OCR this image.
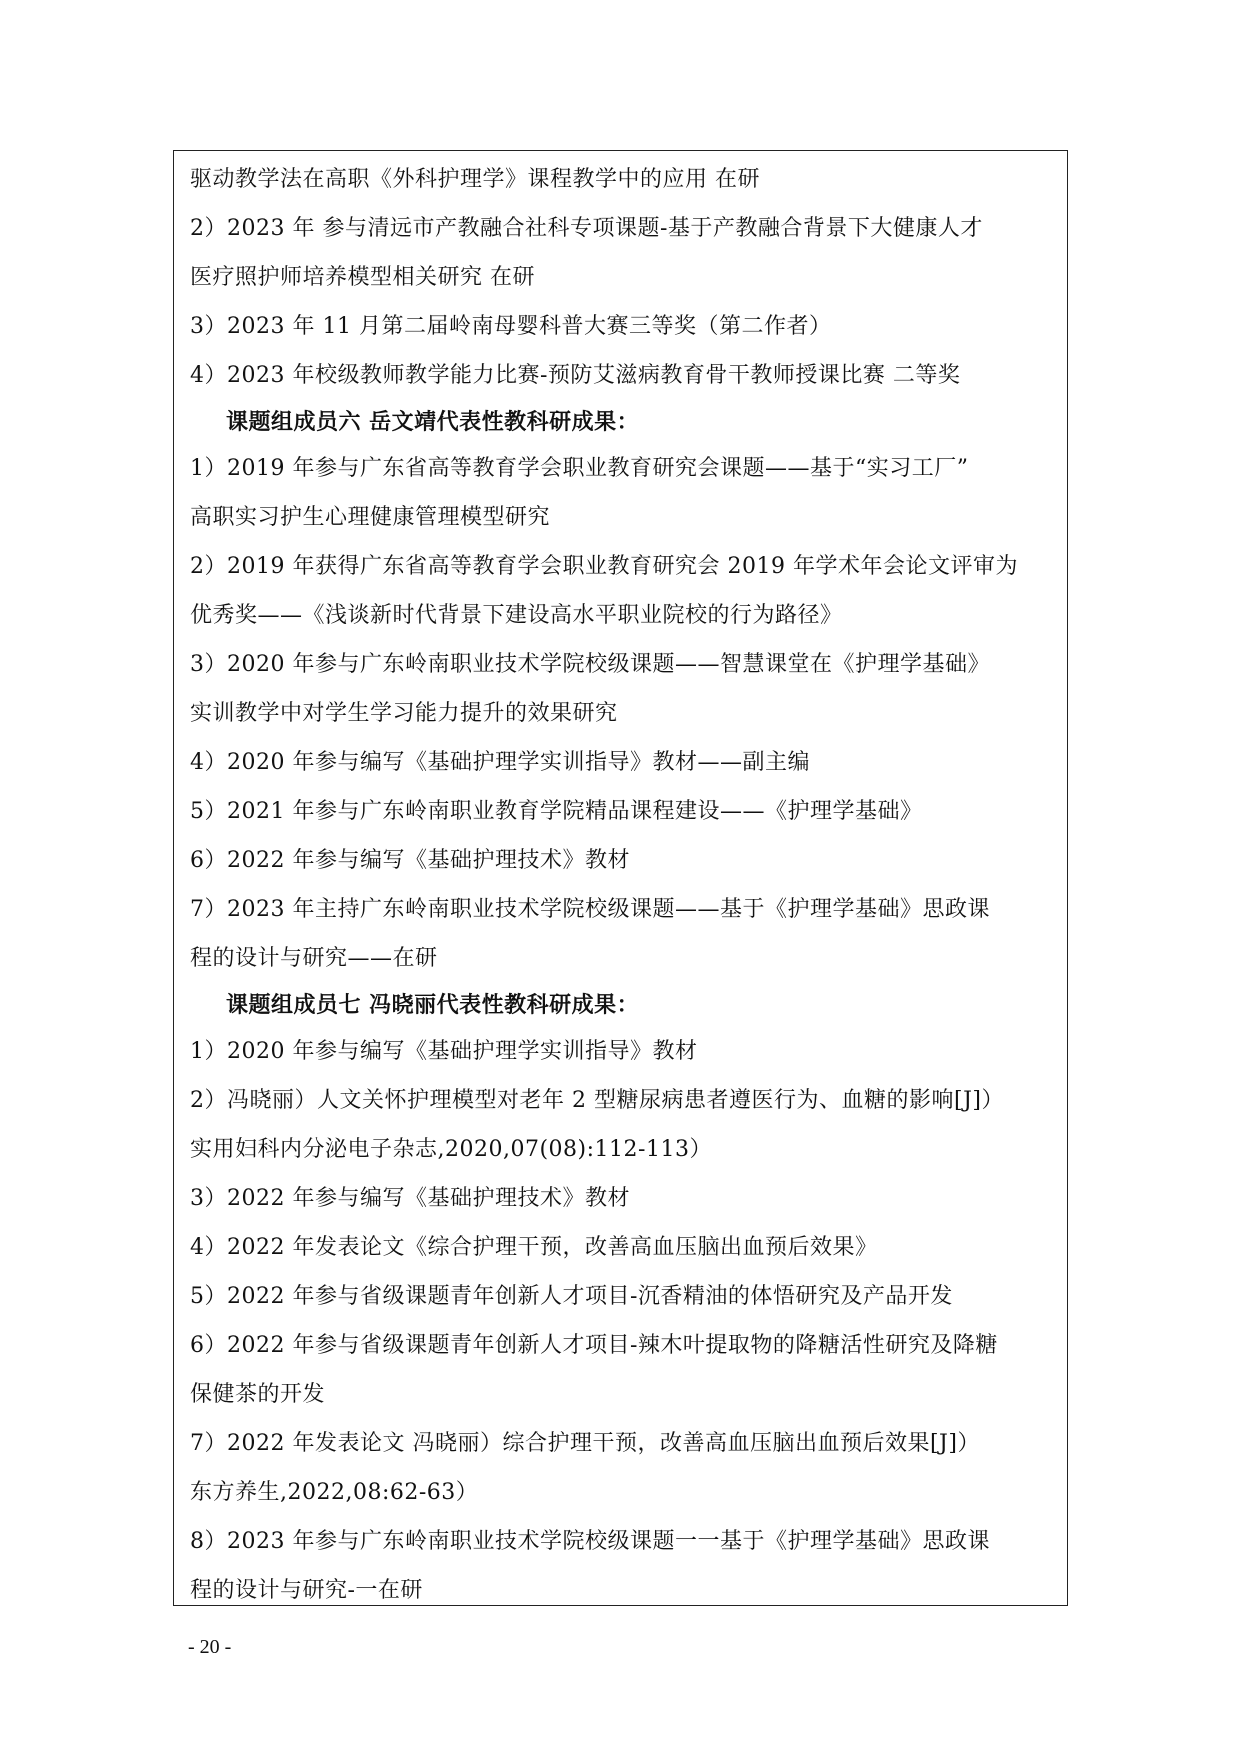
驱动教学法在高职《外科护理学》课程教学中的应用 在研
2）2023 年 参与清远市产教融合社科专项课题-基于产教融合背景下大健康人才
医疗照护师培养模型相关研究 在研
3）2023 年 11 月第二届岭南母婴科普大赛三等奖（第二作者）
4）2023 年校级教师教学能力比赛-预防艾滋病教育骨干教师授课比赛 二等奖
课题组成员六 岳文靖代表性教科研成果：
1）2019 年参与广东省高等教育学会职业教育研究会课题——基于“实习工厂”
高职实习护生心理健康管理模型研究
2）2019 年获得广东省高等教育学会职业教育研究会 2019 年学术年会论文评审为
优秀奖——《浅谈新时代背景下建设高水平职业院校的行为路径》
3）2020 年参与广东岭南职业技术学院校级课题——智慧课堂在《护理学基础》
实训教学中对学生学习能力提升的效果研究
4）2020 年参与编写《基础护理学实训指导》教材——副主编
5）2021 年参与广东岭南职业教育学院精品课程建设——《护理学基础》
6）2022 年参与编写《基础护理技术》教材
7）2023 年主持广东岭南职业技术学院校级课题——基于《护理学基础》思政课
程的设计与研究——在研
课题组成员七 冯晓丽代表性教科研成果：
1）2020 年参与编写《基础护理学实训指导》教材
2）冯晓丽）人文关怀护理模型对老年 2 型糖尿病患者遵医行为、血糖的影响[J]）
实用妇科内分泌电子杂志,2020,07(08):112-113）
3）2022 年参与编写《基础护理技术》教材
4）2022 年发表论文《综合护理干预，改善高血压脑出血预后效果》
5）2022 年参与省级课题青年创新人才项目-沉香精油的体悟研究及产品开发
6）2022 年参与省级课题青年创新人才项目-辣木叶提取物的降糖活性研究及降糖
保健茶的开发
7）2022 年发表论文 冯晓丽）综合护理干预，改善高血压脑出血预后效果[J]）
东方养生,2022,08:62-63）
8）2023 年参与广东岭南职业技术学院校级课题一一基于《护理学基础》思政课
程的设计与研究-一在研
- 20 -
